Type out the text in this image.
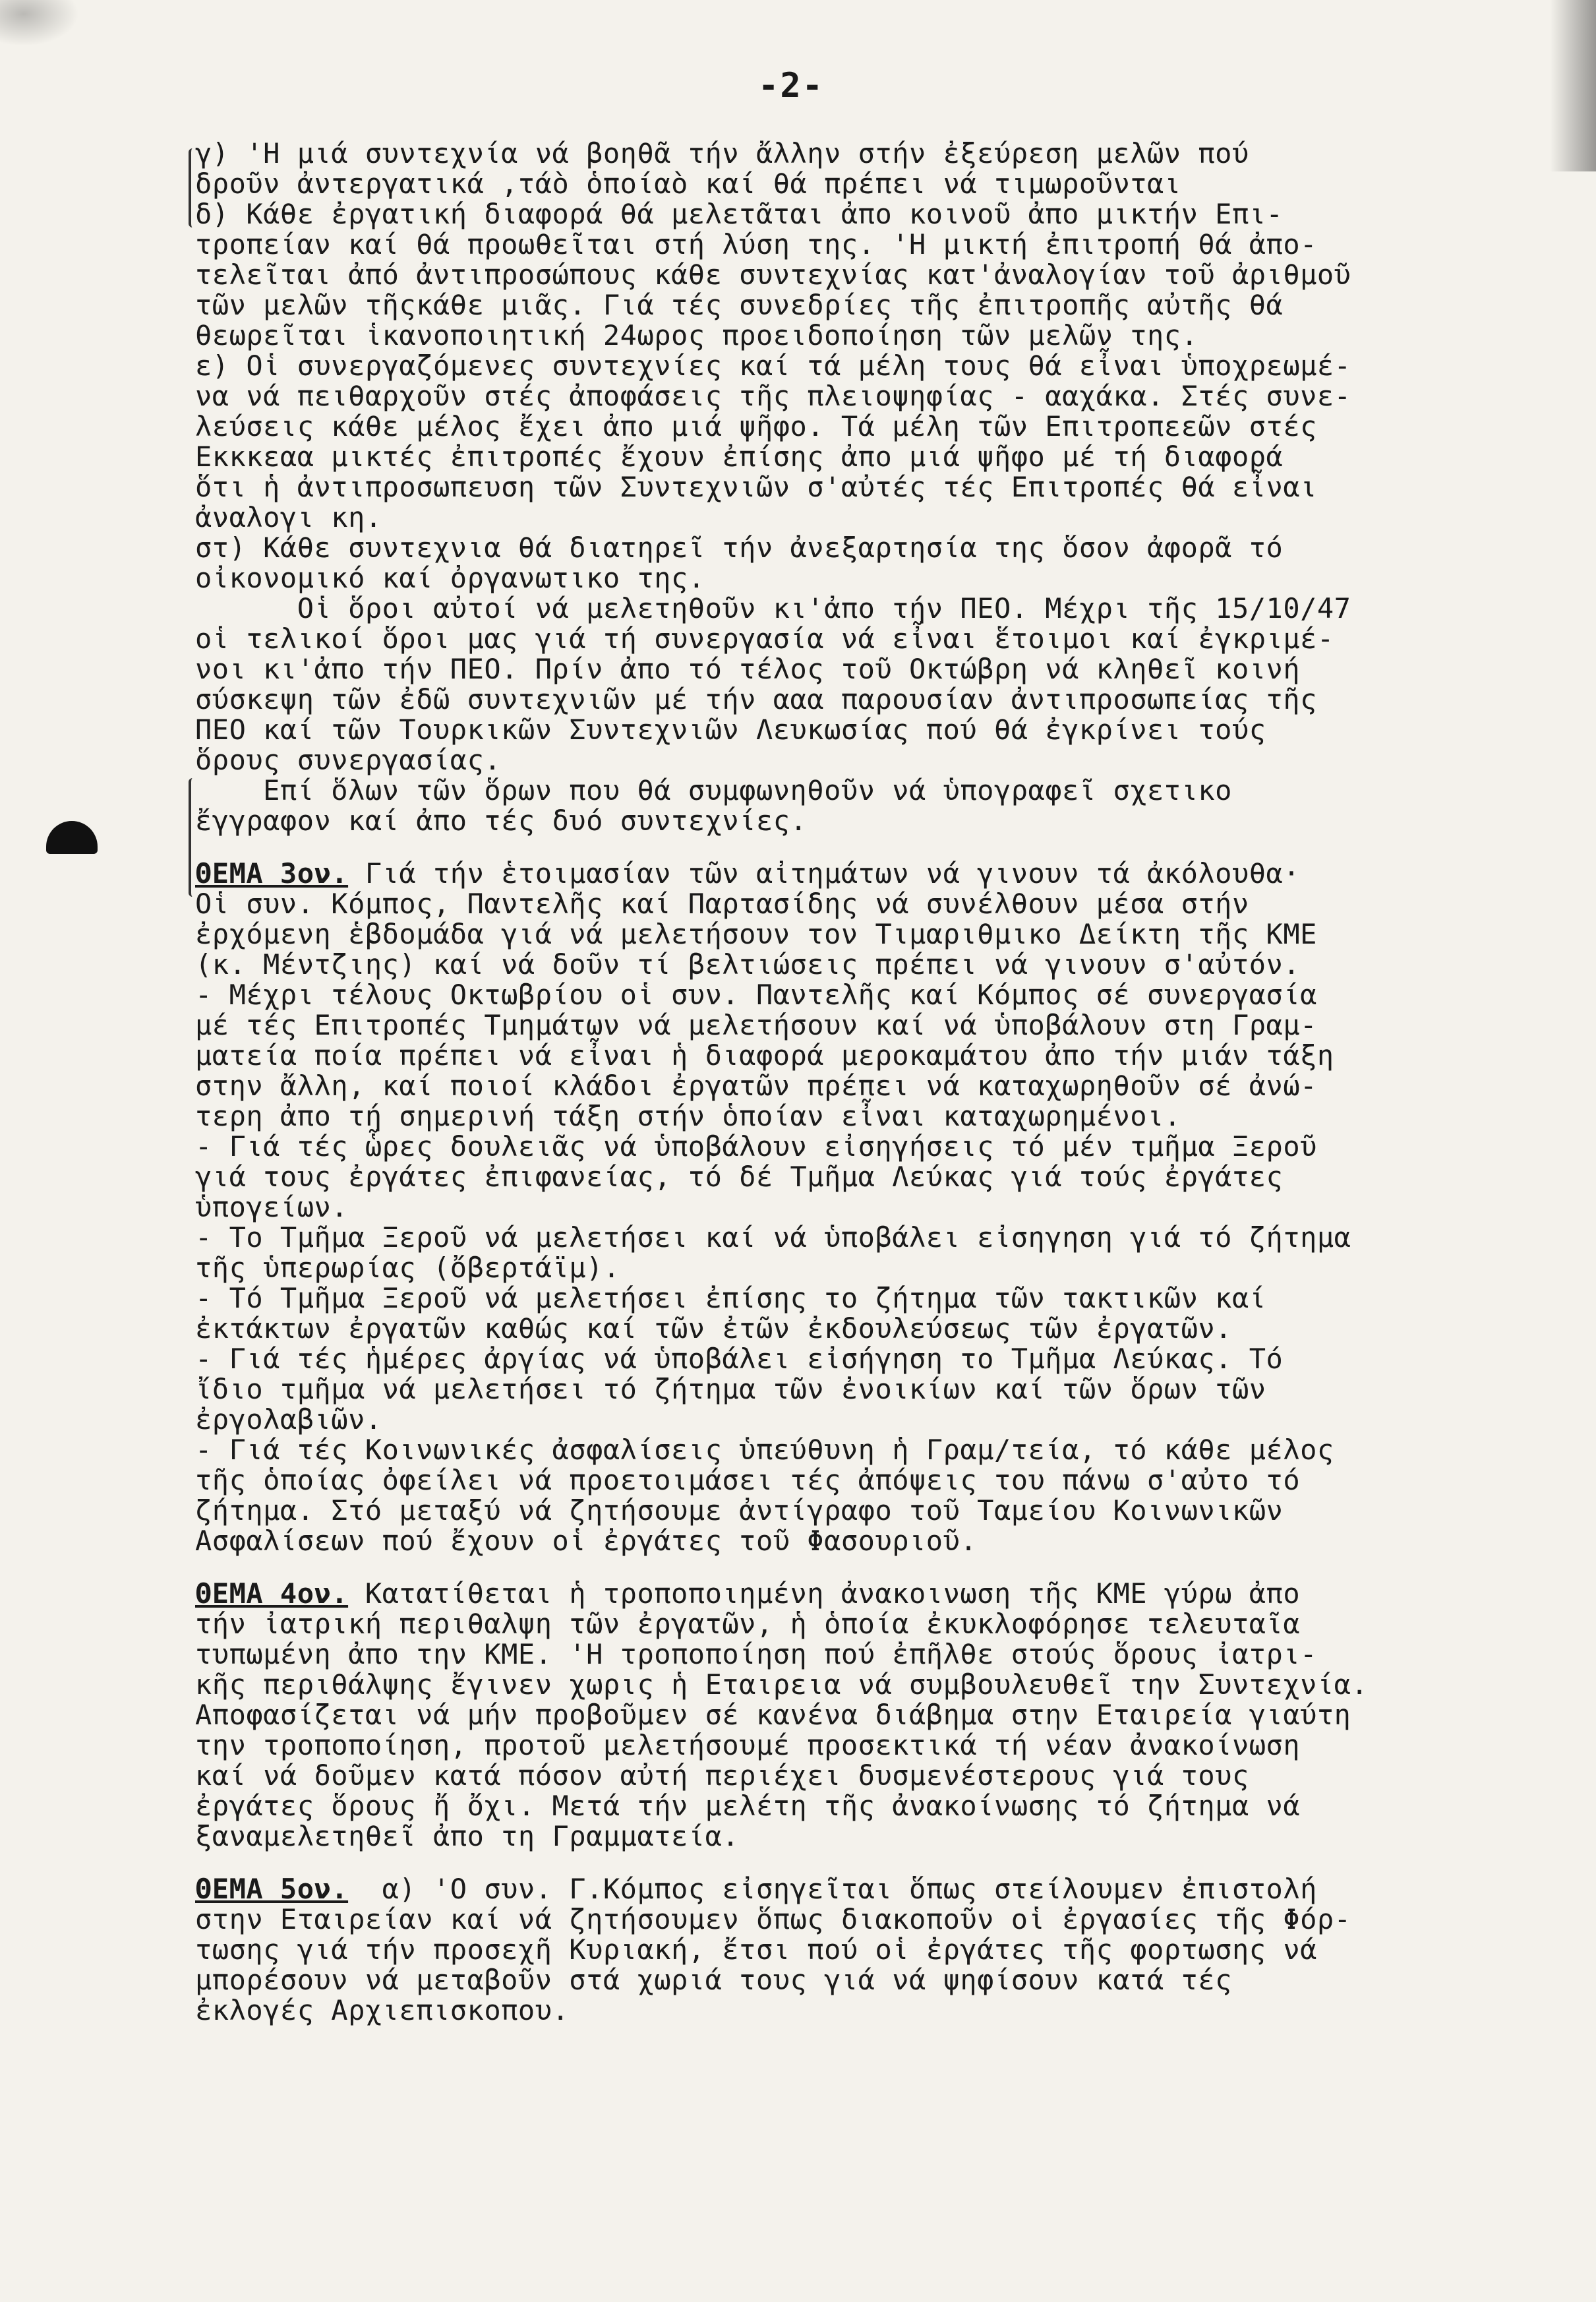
-2-
γ) 'Η μιά συντεχνία νά βοηθᾶ τήν ἄλλην στήν ἐξεύρεση μελῶν πού
δροῦν ἀντεργατικά ,τάὸ ὁποίαὸ καί θά πρέπει νά τιμωροῦνται
δ) Κάθε ἐργατική διαφορά θά μελετᾶται ἀπο κοινοῦ ἀπο μικτήν Επι-
τροπείαν καί θά προωθεῖται στή λύση της. 'Η μικτή ἐπιτροπή θά ἀπο-
τελεῖται ἀπό ἀντιπροσώπους κάθε συντεχνίας κατ'ἀναλογίαν τοῦ ἀριθμοῦ
τῶν μελῶν τῆςκάθε μιᾶς. Γιά τές συνεδρίες τῆς ἐπιτροπῆς αὐτῆς θά
θεωρεῖται ἱκανοποιητική 24ωρος προειδοποίηση τῶν μελῶν της.
ε) Οἱ συνεργαζόμενες συντεχνίες καί τά μέλη τους θά εἶναι ὑποχρεωμέ-
να νά πειθαρχοῦν στές ἀποφάσεις τῆς πλειοψηφίας - ααχάκα. Στές συνε-
λεύσεις κάθε μέλος ἔχει ἀπο μιά ψῆφο. Τά μέλη τῶν Επιτροπεεῶν στές
Εκκκεαα μικτές ἐπιτροπές ἔχουν ἐπίσης ἀπο μιά ψῆφο μέ τή διαφορά
ὅτι ἡ ἀντιπροσωπευση τῶν Συντεχνιῶν σ'αὐτές τές Επιτροπές θά εἶναι
ἀναλογι κη.
στ) Κάθε συντεχνια θά διατηρεῖ τήν ἀνεξαρτησία της ὅσον ἀφορᾶ τό
οἰκονομικό καί ὀργανωτικο της.
Οἱ ὅροι αὐτοί νά μελετηθοῦν κι'ἀπο τήν ΠΕΟ. Μέχρι τῆς 15/10/47
οἱ τελικοί ὅροι μας γιά τή συνεργασία νά εἶναι ἕτοιμοι καί ἐγκριμέ-
νοι κι'ἀπο τήν ΠΕΟ. Πρίν ἀπο τό τέλος τοῦ Οκτώβρη νά κληθεῖ κοινή
σύσκεψη τῶν ἐδῶ συντεχνιῶν μέ τήν ααα παρουσίαν ἀντιπροσωπείας τῆς
ΠΕΟ καί τῶν Τουρκικῶν Συντεχνιῶν Λευκωσίας πού θά ἐγκρίνει τούς
ὅρους συνεργασίας.
Επί ὅλων τῶν ὅρων που θά συμφωνηθοῦν νά ὑπογραφεῖ σχετικο
ἔγγραφον καί ἀπο τές δυό συντεχνίες.
ΘΕΜΑ 3ον. Γιά τήν ἑτοιμασίαν τῶν αἰτημάτων νά γινουν τά ἀκόλουθα·
Οἱ συν. Κόμπος, Παντελῆς καί Παρτασίδης νά συνέλθουν μέσα στήν
ἐρχόμενη ἑβδομάδα γιά νά μελετήσουν τον Τιμαριθμικο Δείκτη τῆς ΚΜΕ
(κ. Μέντζιης) καί νά δοῦν τί βελτιώσεις πρέπει νά γινουν σ'αὐτόν.
- Μέχρι τέλους Οκτωβρίου οἱ συν. Παντελῆς καί Κόμπος σέ συνεργασία
μέ τές Επιτροπές Τμημάτων νά μελετήσουν καί νά ὑποβάλουν στη Γραμ-
ματεία ποία πρέπει νά εἶναι ἡ διαφορά μεροκαμάτου ἀπο τήν μιάν τάξη
στην ἄλλη, καί ποιοί κλάδοι ἐργατῶν πρέπει νά καταχωρηθοῦν σέ ἀνώ-
τερη ἀπο τή σημερινή τάξη στήν ὁποίαν εἶναι καταχωρημένοι.
- Γιά τές ὧρες δουλειᾶς νά ὑποβάλουν εἰσηγήσεις τό μέν τμῆμα Ξεροῦ
γιά τους ἐργάτες ἐπιφανείας, τό δέ Τμῆμα Λεύκας γιά τούς ἐργάτες
ὑπογείων.
- Το Τμῆμα Ξεροῦ νά μελετήσει καί νά ὑποβάλει εἰσηγηση γιά τό ζήτημα
τῆς ὑπερωρίας (ὄβερτάϊμ).
- Τό Τμῆμα Ξεροῦ νά μελετήσει ἐπίσης το ζήτημα τῶν τακτικῶν καί
ἐκτάκτων ἐργατῶν καθώς καί τῶν ἐτῶν ἐκδουλεύσεως τῶν ἐργατῶν.
- Γιά τές ἡμέρες ἀργίας νά ὑποβάλει εἰσήγηση το Τμῆμα Λεύκας. Τό
ἴδιο τμῆμα νά μελετήσει τό ζήτημα τῶν ἐνοικίων καί τῶν ὅρων τῶν
ἐργολαβιῶν.
- Γιά τές Κοινωνικές ἀσφαλίσεις ὑπεύθυνη ἡ Γραμ/τεία, τό κάθε μέλος
τῆς ὁποίας ὀφείλει νά προετοιμάσει τές ἀπόψεις του πάνω σ'αὐτο τό
ζήτημα. Στό μεταξύ νά ζητήσουμε ἀντίγραφο τοῦ Ταμείου Κοινωνικῶν
Ασφαλίσεων πού ἔχουν οἱ ἐργάτες τοῦ Φασουριοῦ.
ΘΕΜΑ 4ον. Κατατίθεται ἡ τροποποιημένη ἀνακοινωση τῆς ΚΜΕ γύρω ἀπο
τήν ἰατρική περιθαλψη τῶν ἐργατῶν, ἡ ὁποία ἐκυκλοφόρησε τελευταῖα
τυπωμένη ἀπο την ΚΜΕ. 'Η τροποποίηση πού ἐπῆλθε στούς ὅρους ἰατρι-
κῆς περιθάλψης ἔγινεν χωρις ἡ Εταιρεια νά συμβουλευθεῖ την Συντεχνία.
Αποφασίζεται νά μήν προβοῦμεν σέ κανένα διάβημα στην Εταιρεία γιαύτη
την τροποποίηση, προτοῦ μελετήσουμέ προσεκτικά τή νέαν ἀνακοίνωση
καί νά δοῦμεν κατά πόσον αὐτή περιέχει δυσμενέστερους γιά τους
ἐργάτες ὅρους ἤ ὄχι. Μετά τήν μελέτη τῆς ἀνακοίνωσης τό ζήτημα νά
ξαναμελετηθεῖ ἀπο τη Γραμματεία.
ΘΕΜΑ 5ον.  α) 'Ο συν. Γ.Κόμπος εἰσηγεῖται ὅπως στείλουμεν ἐπιστολή
στην Εταιρείαν καί νά ζητήσουμεν ὅπως διακοποῦν οἱ ἐργασίες τῆς Φόρ-
τωσης γιά τήν προσεχῆ Κυριακή, ἔτσι πού οἱ ἐργάτες τῆς φορτωσης νά
μπορέσουν νά μεταβοῦν στά χωριά τους γιά νά ψηφίσουν κατά τές
ἐκλογές Αρχιεπισκοπου.
